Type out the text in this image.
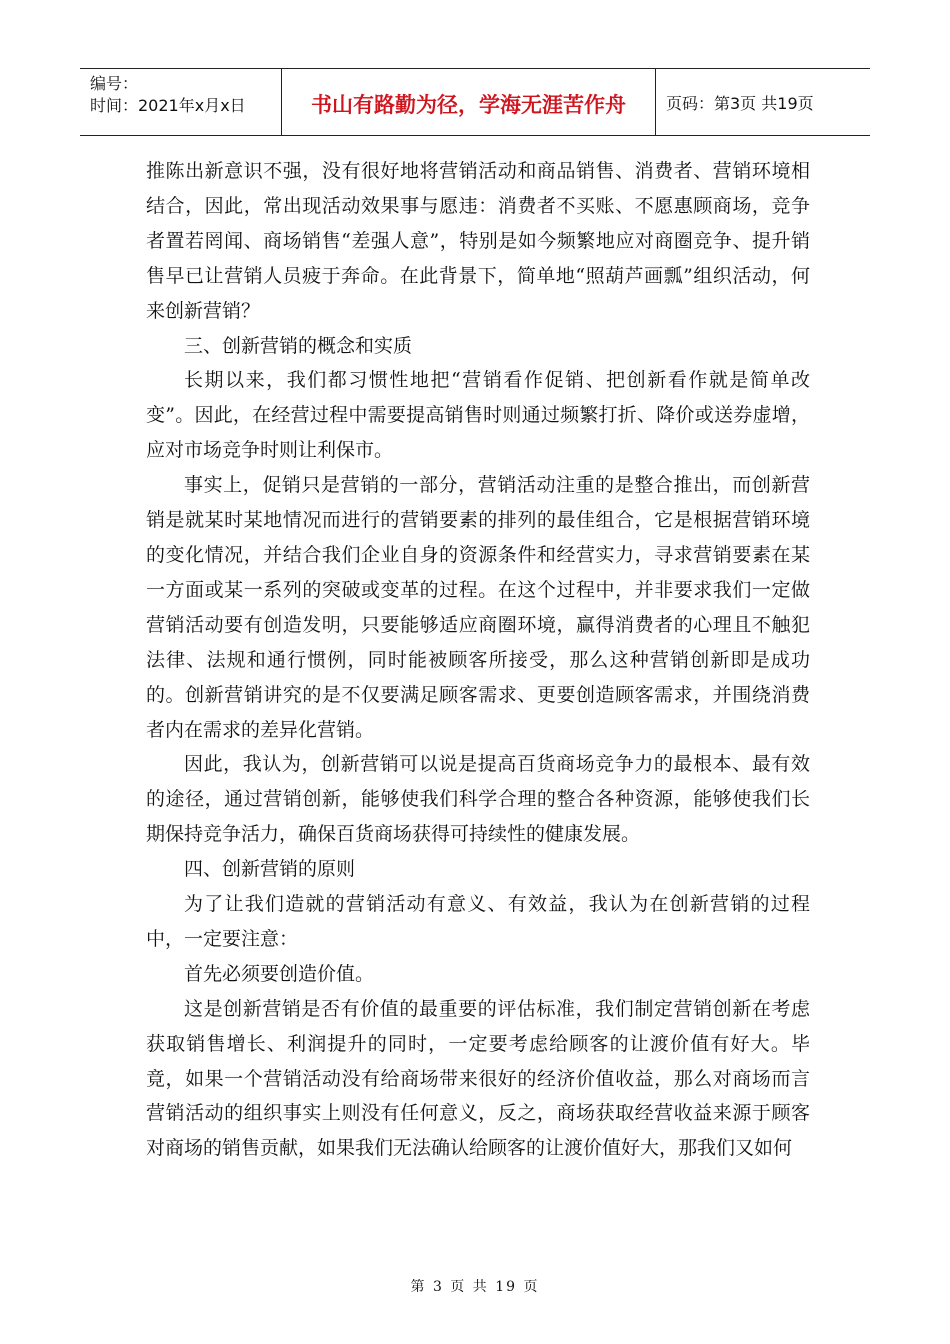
编号：
时间：2021年x月x日	书山有路勤为径，学海无涯苦作舟	页码：第3页 共19页

推陈出新意识不强，没有很好地将营销活动和商品销售、消费者、营销环境相结合，因此，常出现活动效果事与愿违：消费者不买账、不愿惠顾商场，竞争者置若罔闻、商场销售“差强人意”，特别是如今频繁地应对商圈竞争、提升销售早已让营销人员疲于奔命。在此背景下，简单地“照葫芦画瓢”组织活动，何来创新营销？

三、创新营销的概念和实质

长期以来，我们都习惯性地把“营销看作促销、把创新看作就是简单改变”。因此，在经营过程中需要提高销售时则通过频繁打折、降价或送券虚增，应对市场竞争时则让利保市。

事实上，促销只是营销的一部分，营销活动注重的是整合推出，而创新营销是就某时某地情况而进行的营销要素的排列的最佳组合，它是根据营销环境的变化情况，并结合我们企业自身的资源条件和经营实力，寻求营销要素在某一方面或某一系列的突破或变革的过程。在这个过程中，并非要求我们一定做营销活动要有创造发明，只要能够适应商圈环境，赢得消费者的心理且不触犯法律、法规和通行惯例，同时能被顾客所接受，那么这种营销创新即是成功的。创新营销讲究的是不仅要满足顾客需求、更要创造顾客需求，并围绕消费者内在需求的差异化营销。

因此，我认为，创新营销可以说是提高百货商场竞争力的最根本、最有效的途径，通过营销创新，能够使我们科学合理的整合各种资源，能够使我们长期保持竞争活力，确保百货商场获得可持续性的健康发展。

四、创新营销的原则

为了让我们造就的营销活动有意义、有效益，我认为在创新营销的过程中，一定要注意：

首先必须要创造价值。

这是创新营销是否有价值的最重要的评估标准，我们制定营销创新在考虑获取销售增长、利润提升的同时，一定要考虑给顾客的让渡价值有好大。毕竟，如果一个营销活动没有给商场带来很好的经济价值收益，那么对商场而言营销活动的组织事实上则没有任何意义，反之，商场获取经营收益来源于顾客对商场的销售贡献，如果我们无法确认给顾客的让渡价值好大，那我们又如何

第 3 页 共 19 页
